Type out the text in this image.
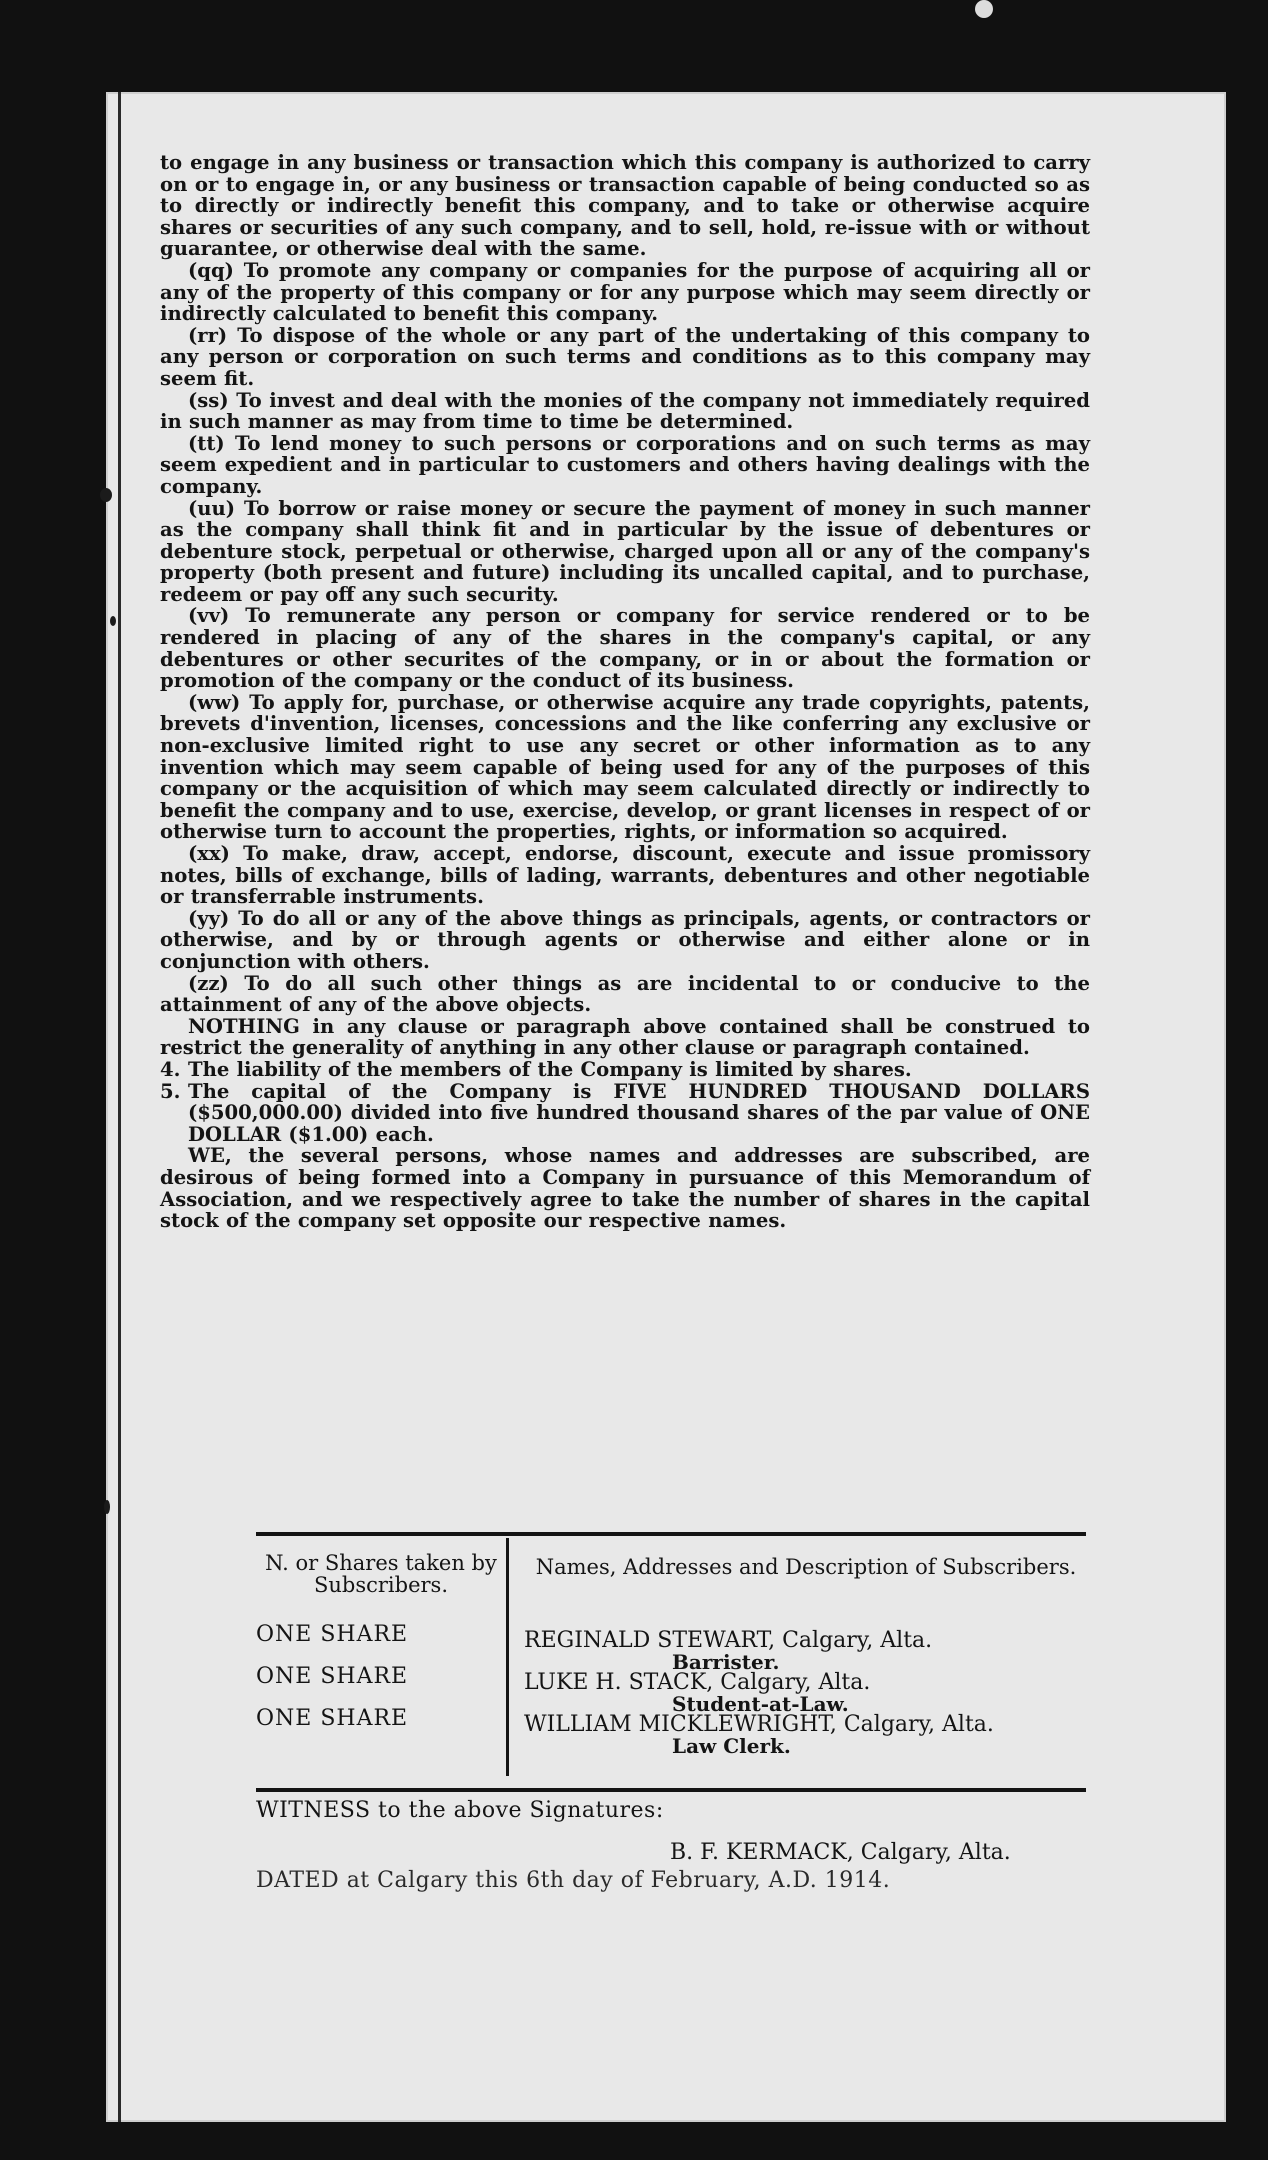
to engage in any business or transaction which this company is authorized to carry on or to engage in, or any business or transaction capable of being conducted so as to directly or indirectly benefit this company, and to take or otherwise acquire shares or securities of any such company, and to sell, hold, re-issue with or without guarantee, or otherwise deal with the same.

(qq) To promote any company or companies for the purpose of acquiring all or any of the property of this company or for any purpose which may seem directly or indirectly calculated to benefit this company.

(rr) To dispose of the whole or any part of the undertaking of this company to any person or corporation on such terms and conditions as to this company may seem fit.

(ss) To invest and deal with the monies of the company not immediately required in such manner as may from time to time be determined.

(tt) To lend money to such persons or corporations and on such terms as may seem expedient and in particular to customers and others having dealings with the company.

(uu) To borrow or raise money or secure the payment of money in such manner as the company shall think fit and in particular by the issue of debentures or debenture stock, perpetual or otherwise, charged upon all or any of the company's property (both present and future) including its uncalled capital, and to purchase, redeem or pay off any such security.

(vv) To remunerate any person or company for service rendered or to be rendered in placing of any of the shares in the company's capital, or any debentures or other securites of the company, or in or about the formation or promotion of the company or the conduct of its business.

(ww) To apply for, purchase, or otherwise acquire any trade copyrights, patents, brevets d'invention, licenses, concessions and the like conferring any exclusive or non-exclusive limited right to use any secret or other information as to any invention which may seem capable of being used for any of the purposes of this company or the acquisition of which may seem calculated directly or indirectly to benefit the company and to use, exercise, develop, or grant licenses in respect of or otherwise turn to account the properties, rights, or information so acquired.

(xx) To make, draw, accept, endorse, discount, execute and issue promissory notes, bills of exchange, bills of lading, warrants, debentures and other negotiable or transferrable instruments.

(yy) To do all or any of the above things as principals, agents, or contractors or otherwise, and by or through agents or otherwise and either alone or in conjunction with others.

(zz) To do all such other things as are incidental to or conducive to the attainment of any of the above objects.

NOTHING in any clause or paragraph above contained shall be construed to restrict the generality of anything in any other clause or paragraph contained.

4. The liability of the members of the Company is limited by shares.
5. The capital of the Company is FIVE HUNDRED THOUSAND DOLLARS ($500,000.00) divided into five hundred thousand shares of the par value of ONE DOLLAR ($1.00) each.

WE, the several persons, whose names and addresses are subscribed, are desirous of being formed into a Company in pursuance of this Memorandum of Association, and we respectively agree to take the number of shares in the capital stock of the company set opposite our respective names.

N. or Shares taken by Subscribers.
Names, Addresses and Description of Subscribers.
ONE SHARE	REGINALD STEWART, Calgary, Alta.
Barrister.
ONE SHARE	LUKE H. STACK, Calgary, Alta.
Student-at-Law.
ONE SHARE	WILLIAM MICKLEWRIGHT, Calgary, Alta.
Law Clerk.
WITNESS to the above Signatures:
B. F. KERMACK, Calgary, Alta.
DATED at Calgary this 6th day of February, A.D. 1914.
